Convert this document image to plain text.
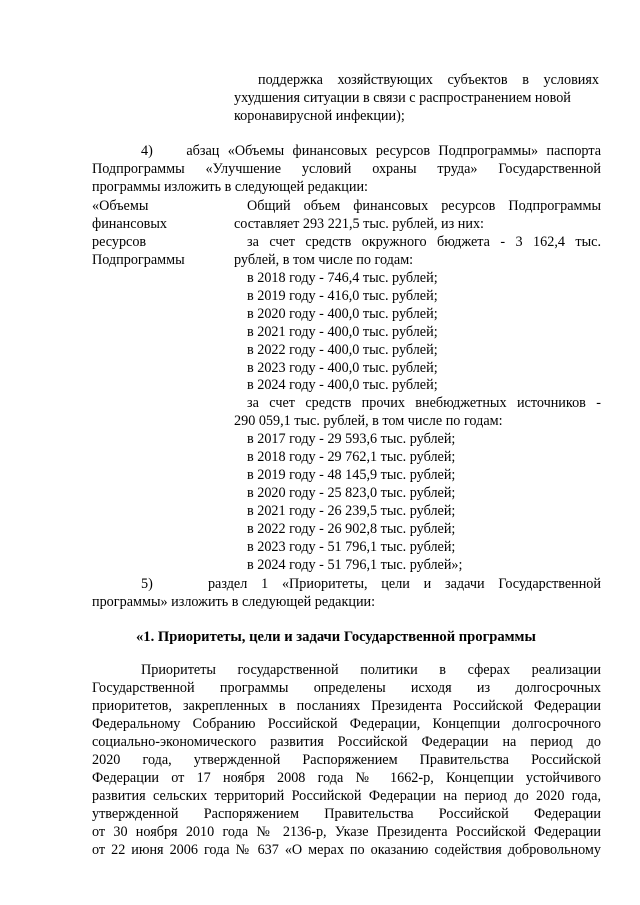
поддержка хозяйствующих субъектов в условиях
ухудшения ситуации в связи с распространением новой
коронавирусной инфекции);
4)    абзац «Объемы финансовых ресурсов Подпрограммы» паспорта
Подпрограммы «Улучшение условий охраны труда» Государственной
программы изложить в следующей редакции:
«Объемы
финансовых
ресурсов
Подпрограммы
Общий объем финансовых ресурсов Подпрограммы
составляет 293 221,5 тыс. рублей, из них:
за счет средств окружного бюджета - 3 162,4 тыс.
рублей, в том числе по годам:
в 2018 году - 746,4 тыс. рублей;
в 2019 году - 416,0 тыс. рублей;
в 2020 году - 400,0 тыс. рублей;
в 2021 году - 400,0 тыс. рублей;
в 2022 году - 400,0 тыс. рублей;
в 2023 году - 400,0 тыс. рублей;
в 2024 году - 400,0 тыс. рублей;
за счет средств прочих внебюджетных источников -
290 059,1 тыс. рублей, в том числе по годам:
в 2017 году - 29 593,6 тыс. рублей;
в 2018 году - 29 762,1 тыс. рублей;
в 2019 году - 48 145,9 тыс. рублей;
в 2020 году - 25 823,0 тыс. рублей;
в 2021 году - 26 239,5 тыс. рублей;
в 2022 году - 26 902,8 тыс. рублей;
в 2023 году - 51 796,1 тыс. рублей;
в 2024 году - 51 796,1 тыс. рублей»;
5)    раздел 1 «Приоритеты, цели и задачи Государственной
программы» изложить в следующей редакции:
«1. Приоритеты, цели и задачи Государственной программы
Приоритеты государственной политики в сферах реализации
Государственной программы определены исходя из долгосрочных
приоритетов, закрепленных в посланиях Президента Российской Федерации
Федеральному Собранию Российской Федерации, Концепции долгосрочного
социально-экономического развития Российской Федерации на период до
2020 года, утвержденной Распоряжением Правительства Российской
Федерации от 17 ноября 2008 года № 1662-р, Концепции устойчивого
развития сельских территорий Российской Федерации на период до 2020 года,
утвержденной Распоряжением Правительства Российской Федерации
от 30 ноября 2010 года № 2136-р, Указе Президента Российской Федерации
от 22 июня 2006 года № 637 «О мерах по оказанию содействия добровольному
